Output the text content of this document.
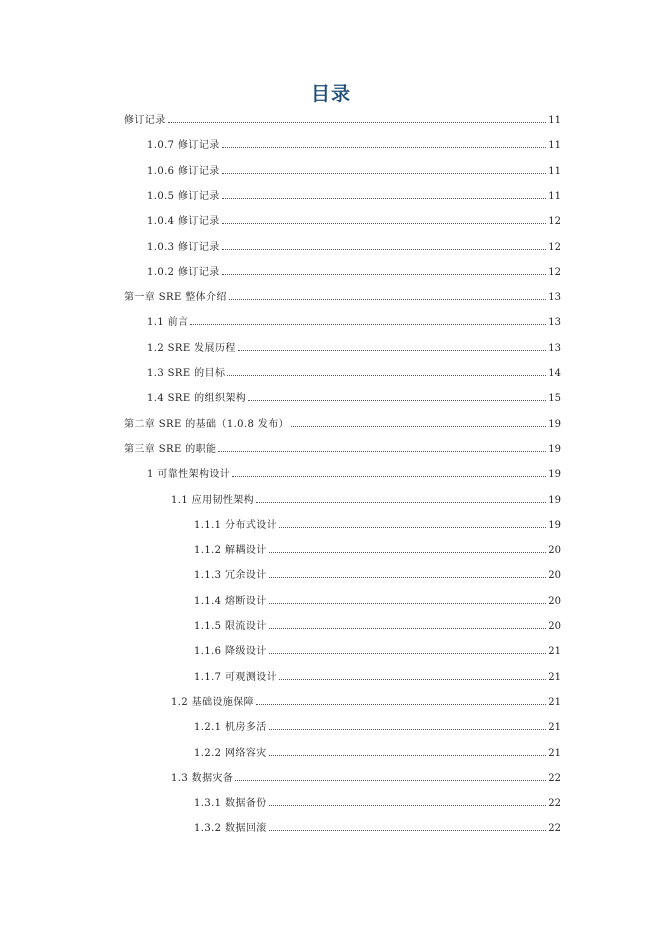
目录
修订记录	11
1.0.7 修订记录	11
1.0.6 修订记录	11
1.0.5 修订记录	11
1.0.4 修订记录	12
1.0.3 修订记录	12
1.0.2 修订记录	12
第一章 SRE 整体介绍	13
1.1 前言	13
1.2 SRE 发展历程	13
1.3 SRE 的目标	14
1.4 SRE 的组织架构	15
第二章 SRE 的基础（1.0.8 发布）	19
第三章 SRE 的职能	19
1 可靠性架构设计	19
1.1 应用韧性架构	19
1.1.1 分布式设计	19
1.1.2 解耦设计	20
1.1.3 冗余设计	20
1.1.4 熔断设计	20
1.1.5 限流设计	20
1.1.6 降级设计	21
1.1.7 可观测设计	21
1.2 基础设施保障	21
1.2.1 机房多活	21
1.2.2 网络容灾	21
1.3 数据灾备	22
1.3.1 数据备份	22
1.3.2 数据回滚	22
